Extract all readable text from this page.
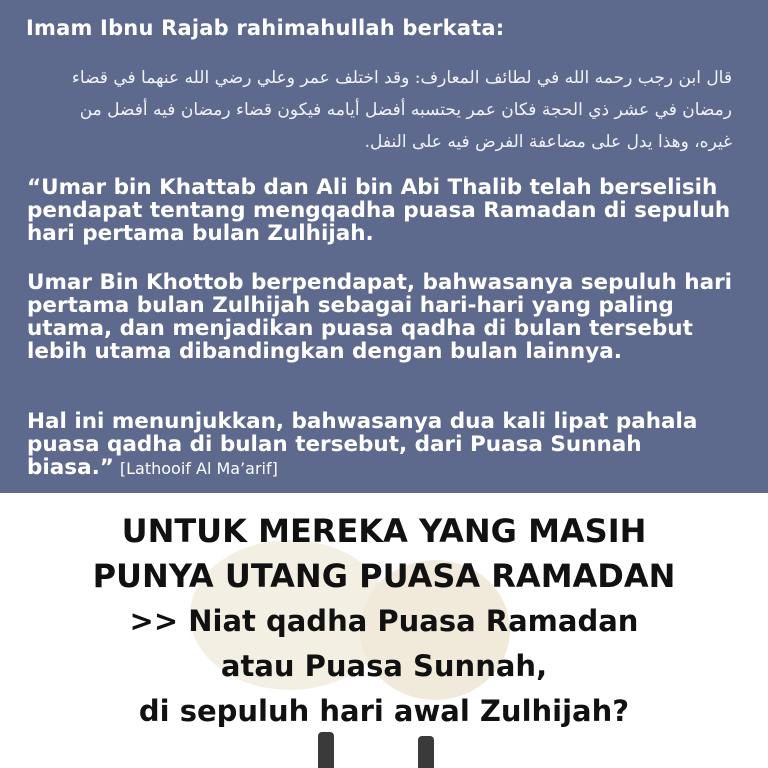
Imam Ibnu Rajab rahimahullah berkata:
قال ابن رجب رحمه الله في لطائف المعارف: وقد اختلف عمر وعلي رضي الله عنهما في قضاء رمضان في عشر ذي الحجة فكان عمر يحتسبه أفضل أيامه فيكون قضاء رمضان فيه أفضل من غيره، وهذا يدل على مضاعفة الفرض فيه على النفل.
“Umar bin Khattab dan Ali bin Abi Thalib telah berselisih pendapat tentang mengqadha puasa Ramadan di sepuluh hari pertama bulan Zulhijah.
Umar Bin Khottob berpendapat, bahwasanya sepuluh hari pertama bulan Zulhijah sebagai hari-hari yang paling utama, dan menjadikan puasa qadha di bulan tersebut lebih utama dibandingkan dengan bulan lainnya.
Hal ini menunjukkan, bahwasanya dua kali lipat pahala puasa qadha di bulan tersebut, dari Puasa Sunnah biasa.” [Lathooif Al Ma’arif]
UNTUK MEREKA YANG MASIH
PUNYA UTANG PUASA RAMADAN
>> Niat qadha Puasa Ramadan
atau Puasa Sunnah,
di sepuluh hari awal Zulhijah?
